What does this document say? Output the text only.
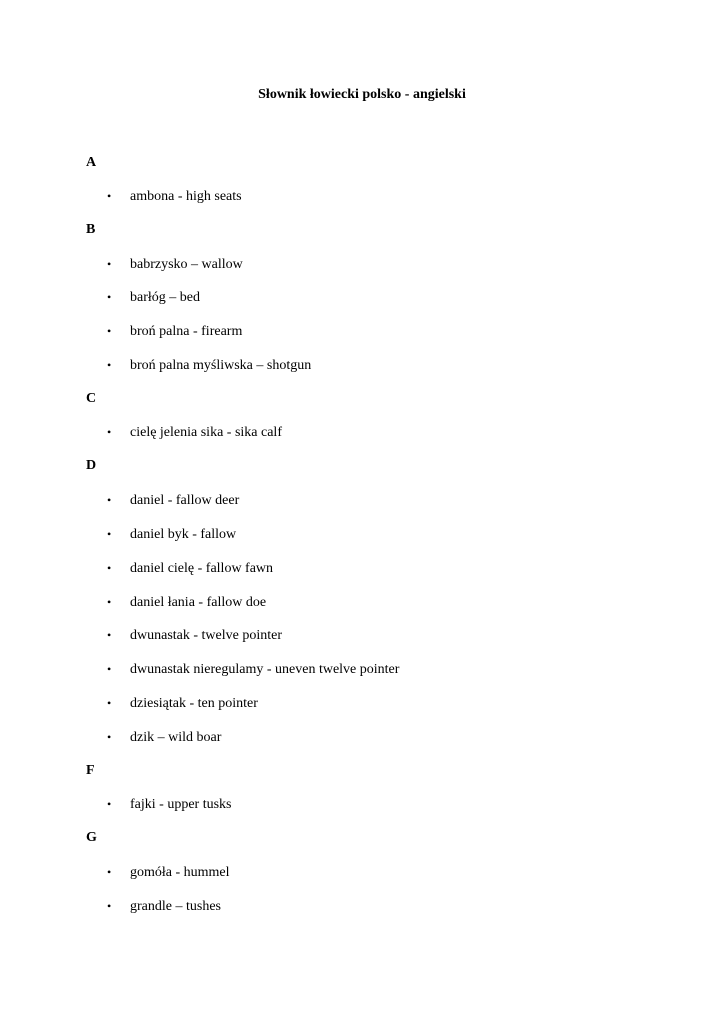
Słownik łowiecki polsko - angielski
A
• ambona - high seats
B
• babrzysko – wallow
• barłóg – bed
• broń palna - firearm
• broń palna myśliwska – shotgun
C
• cielę jelenia sika - sika calf
D
• daniel - fallow deer
• daniel byk - fallow
• daniel cielę - fallow fawn
• daniel łania - fallow doe
• dwunastak - twelve pointer
• dwunastak nieregulamy - uneven twelve pointer
• dziesiątak - ten pointer
• dzik – wild boar
F
• fajki - upper tusks
G
• gomóła - hummel
• grandle – tushes
